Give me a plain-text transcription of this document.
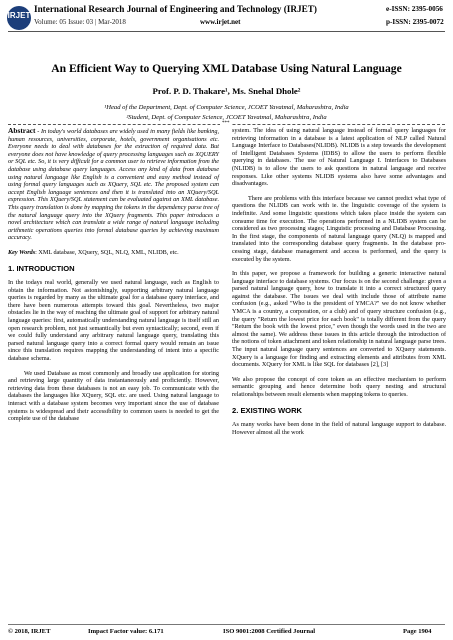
IRJET
International Research Journal of Engineering and Technology (IRJET)	e-ISSN: 2395-0056
Volume: 05 Issue: 03 | Mar-2018	www.irjet.net	p-ISSN: 2395-0072
An Efficient Way to Querying XML Database Using Natural Language
Prof. P. D. Thakare¹, Ms. Snehal Dhole²
¹Head of the Department, Dept. of Computer Science, JCOET Yavatmal, Maharashtra, India
²Student, Dept. of Computer Science, JCOET Yavatmal, Maharashtra, India
***

Abstract - In today's world databases are widely used in many fields like banking, human resources, universities, corporate, hotels, government organisations etc. Everyone needs to deal with databases for the extraction of required data. But everyone does not have knowledge of query processing languages such as XQUERY or SQL etc. So, it is very difficult for a common user to retrieve information from the database using database query languages. Access any kind of data from database using natural language like English is a convenient and easy method instead of using formal query languages such as XQuery, SQL etc. The proposed system can accept English language sentences and then it is translated into an XQuery/SQL expression. This XQuery/SQL statement can be evaluated against an XML database. This query translation is done by mapping the tokens in the dependency parse tree of the natural language query into the XQuery fragments. This paper introduces a novel architecture which can translate a wide range of natural language including arithmetic operations queries into formal database queries by achieving maximum accuracy.

Key Words: XML database, XQuery, SQL, NLQ, XML, NLIDB, etc.

1. INTRODUCTION

In the todays real world, generally we used natural language, such as English to obtain the information. Not astonishingly, supporting arbitrary natural language queries is regarded by many as the ultimate goal for a database query interface, and there have been numerous attempts toward this goal. Nevertheless, two major obstacles lie in the way of reaching the ultimate goal of support for arbitrary natural language queries: first, automatically understanding natural language is itself still an open research problem, not just semantically but even syntactically; second, even if we could fully understand any arbitrary natural language query, translating this parsed natural language query into a correct formal query would remain an issue since this translation requires mapping the understanding of intent into a specific database schema.

We used Database as most commonly and broadly use application for storing and retrieving large quantity of data instantaneously and proficiently. However, retrieving data from these databases is not an easy job. To communicate with the databases the languages like XQuery, SQL etc. are used. Using natural language to interact with a database system becomes very important since the use of database systems is widespread and their accessibility to common users is needed to get the complete use of the database

system. The idea of using natural language instead of formal query languages for retrieving information in a database is a latest application of NLP called Natural Language Interface to Databases(NLIDB). NLIDB is a step towards the development of Intelligent Databases Systems (IDBS) to allow the users to perform flexible querying in databases. The use of Natural Language I. Interfaces to Databases (NLIDB) is to allow the users to ask questions in natural language and receive responses. Like other systems NLIDB systems also have some advantages and disadvantages.

There are problems with this interface because we cannot predict what type of questions the NLIDB can work with ie. the linguistic coverage of the system is indefinite. And some linguistic questions which takes place inside the system can consume time for execution. The operations performed in a NLIDB system can be considered as two processing stages; Linguistic processing and Database Processing. In the first stage, the components of natural language query (NLQ) is mapped and translated into the corresponding database query fragments. In the database pro- cessing stage, database management and access is performed, and the query is executed by the system.

In this paper, we propose a framework for building a generic interactive natural language interface to database systems. Our focus is on the second challenge: given a parsed natural language query, how to translate it into a correct structured query against the database. The issues we deal with include those of attribute name confusion (e.g., asked "Who is the president of YMCA?" we do not know whether YMCA is a country, a corporation, or a club) and of query structure confusion (e.g., the query "Return the lowest price for each book" is totally different from the query "Return the book with the lowest price," even though the words used in the two are almost the same). We address these issues in this article through the introduction of the notions of token attachment and token relationship in natural language parse trees. The input natural language query sentences are converted to XQuery statements. XQuery is a language for finding and extracting elements and attributes from XML documents. XQuery for XML is like SQL for databases [2], [3]

We also propose the concept of core token as an effective mechanism to perform semantic grouping and hence determine both query nesting and structural relationships between result elements when mapping tokens to queries.

2. EXISTING WORK

As many works have been done in the field of natural language support to database. However almost all the work

© 2018, IRJET	Impact Factor value: 6.171	ISO 9001:2008 Certified Journal	Page 1904
